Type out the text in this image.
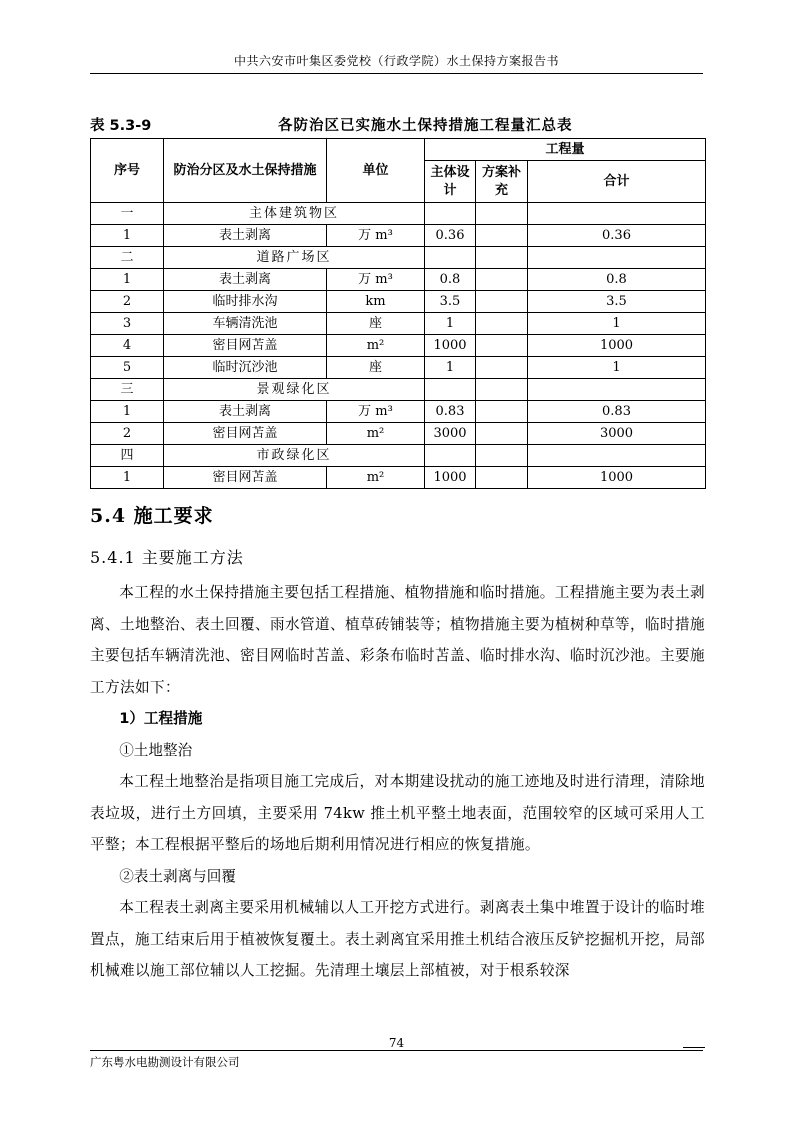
中共六安市叶集区委党校（行政学院）水土保持方案报告书
表 5.3-9	各防治区已实施水土保持措施工程量汇总表
序号	防治分区及水土保持措施	单位	工程量		
			主体设计	方案补充	合计
一	主体建筑物区				
1	表土剥离	万 m³	0.36		0.36
二	道路广场区				
1	表土剥离	万 m³	0.8		0.8
2	临时排水沟	km	3.5		3.5
3	车辆清洗池	座	1		1
4	密目网苫盖	m²	1000		1000
5	临时沉沙池	座	1		1
三	景观绿化区				
1	表土剥离	万 m³	0.83		0.83
2	密目网苫盖	m²	3000		3000
四	市政绿化区				
1	密目网苫盖	m²	1000		1000
5.4 施工要求
5.4.1 主要施工方法

本工程的水土保持措施主要包括工程措施、植物措施和临时措施。工程措施主要为表土剥离、土地整治、表土回覆、雨水管道、植草砖铺装等；植物措施主要为植树种草等，临时措施主要包括车辆清洗池、密目网临时苫盖、彩条布临时苫盖、临时排水沟、临时沉沙池。主要施工方法如下：

1）工程措施

①土地整治

本工程土地整治是指项目施工完成后，对本期建设扰动的施工迹地及时进行清理，清除地表垃圾，进行土方回填，主要采用 74kw 推土机平整土地表面，范围较窄的区域可采用人工平整；本工程根据平整后的场地后期利用情况进行相应的恢复措施。

②表土剥离与回覆

本工程表土剥离主要采用机械辅以人工开挖方式进行。剥离表土集中堆置于设计的临时堆置点，施工结束后用于植被恢复覆土。表土剥离宜采用推土机结合液压反铲挖掘机开挖，局部机械难以施工部位辅以人工挖掘。先清理土壤层上部植被，对于根系较深

74
广东粤水电勘测设计有限公司
